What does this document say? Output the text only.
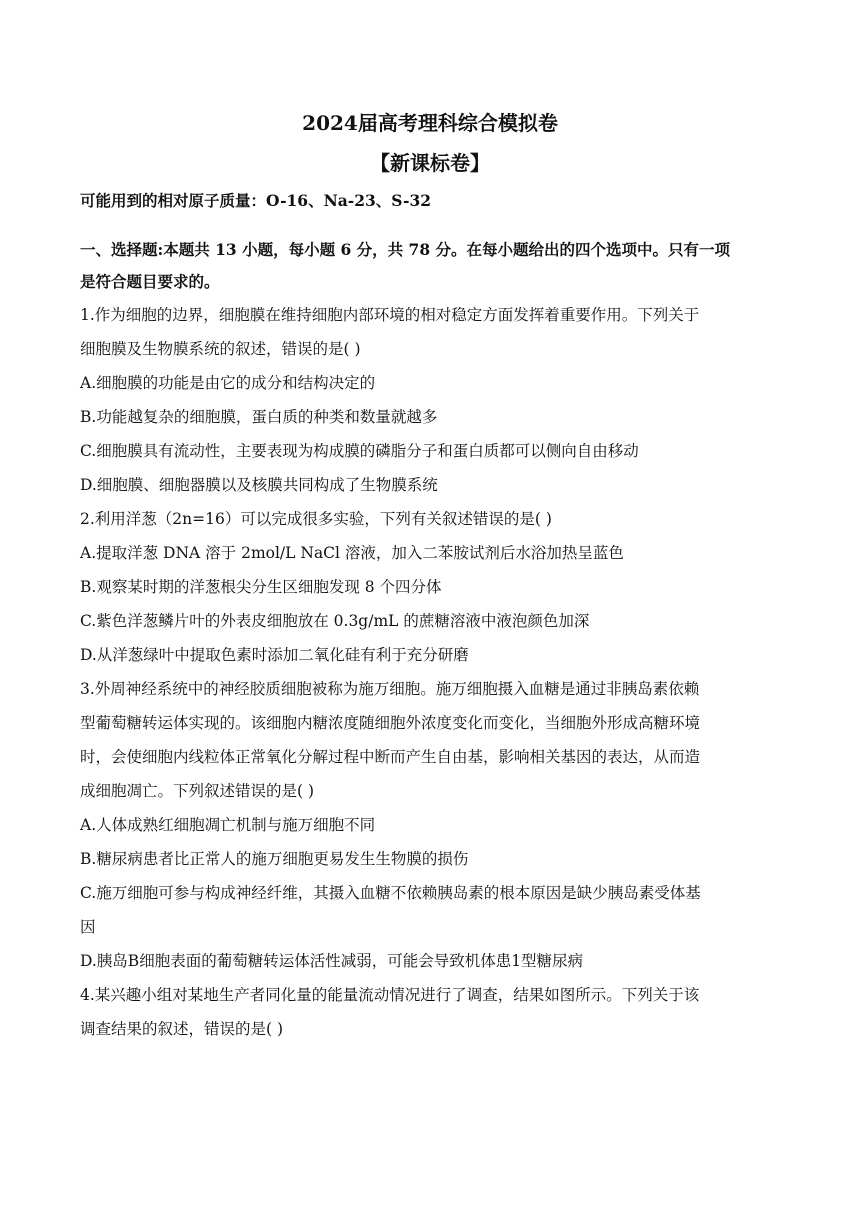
2024届高考理科综合模拟卷
【新课标卷】
可能用到的相对原子质量：O-16、Na-23、S-32
一、选择题:本题共 13 小题，每小题 6 分，共 78 分。在每小题给出的四个选项中。只有一项
是符合题目要求的。
1.作为细胞的边界，细胞膜在维持细胞内部环境的相对稳定方面发挥着重要作用。下列关于
细胞膜及生物膜系统的叙述，错误的是( )
A.细胞膜的功能是由它的成分和结构决定的
B.功能越复杂的细胞膜，蛋白质的种类和数量就越多
C.细胞膜具有流动性，主要表现为构成膜的磷脂分子和蛋白质都可以侧向自由移动
D.细胞膜、细胞器膜以及核膜共同构成了生物膜系统
2.利用洋葱（2n=16）可以完成很多实验，下列有关叙述错误的是( )
A.提取洋葱 DNA 溶于 2mol/L NaCl 溶液，加入二苯胺试剂后水浴加热呈蓝色
B.观察某时期的洋葱根尖分生区细胞发现 8 个四分体
C.紫色洋葱鳞片叶的外表皮细胞放在 0.3g/mL 的蔗糖溶液中液泡颜色加深
D.从洋葱绿叶中提取色素时添加二氧化硅有利于充分研磨
3.外周神经系统中的神经胶质细胞被称为施万细胞。施万细胞摄入血糖是通过非胰岛素依赖
型葡萄糖转运体实现的。该细胞内糖浓度随细胞外浓度变化而变化，当细胞外形成高糖环境
时，会使细胞内线粒体正常氧化分解过程中断而产生自由基，影响相关基因的表达，从而造
成细胞凋亡。下列叙述错误的是( )
A.人体成熟红细胞凋亡机制与施万细胞不同
B.糖尿病患者比正常人的施万细胞更易发生生物膜的损伤
C.施万细胞可参与构成神经纤维，其摄入血糖不依赖胰岛素的根本原因是缺少胰岛素受体基
因
D.胰岛B细胞表面的葡萄糖转运体活性减弱，可能会导致机体患1型糖尿病
4.某兴趣小组对某地生产者同化量的能量流动情况进行了调查，结果如图所示。下列关于该
调查结果的叙述，错误的是( )
